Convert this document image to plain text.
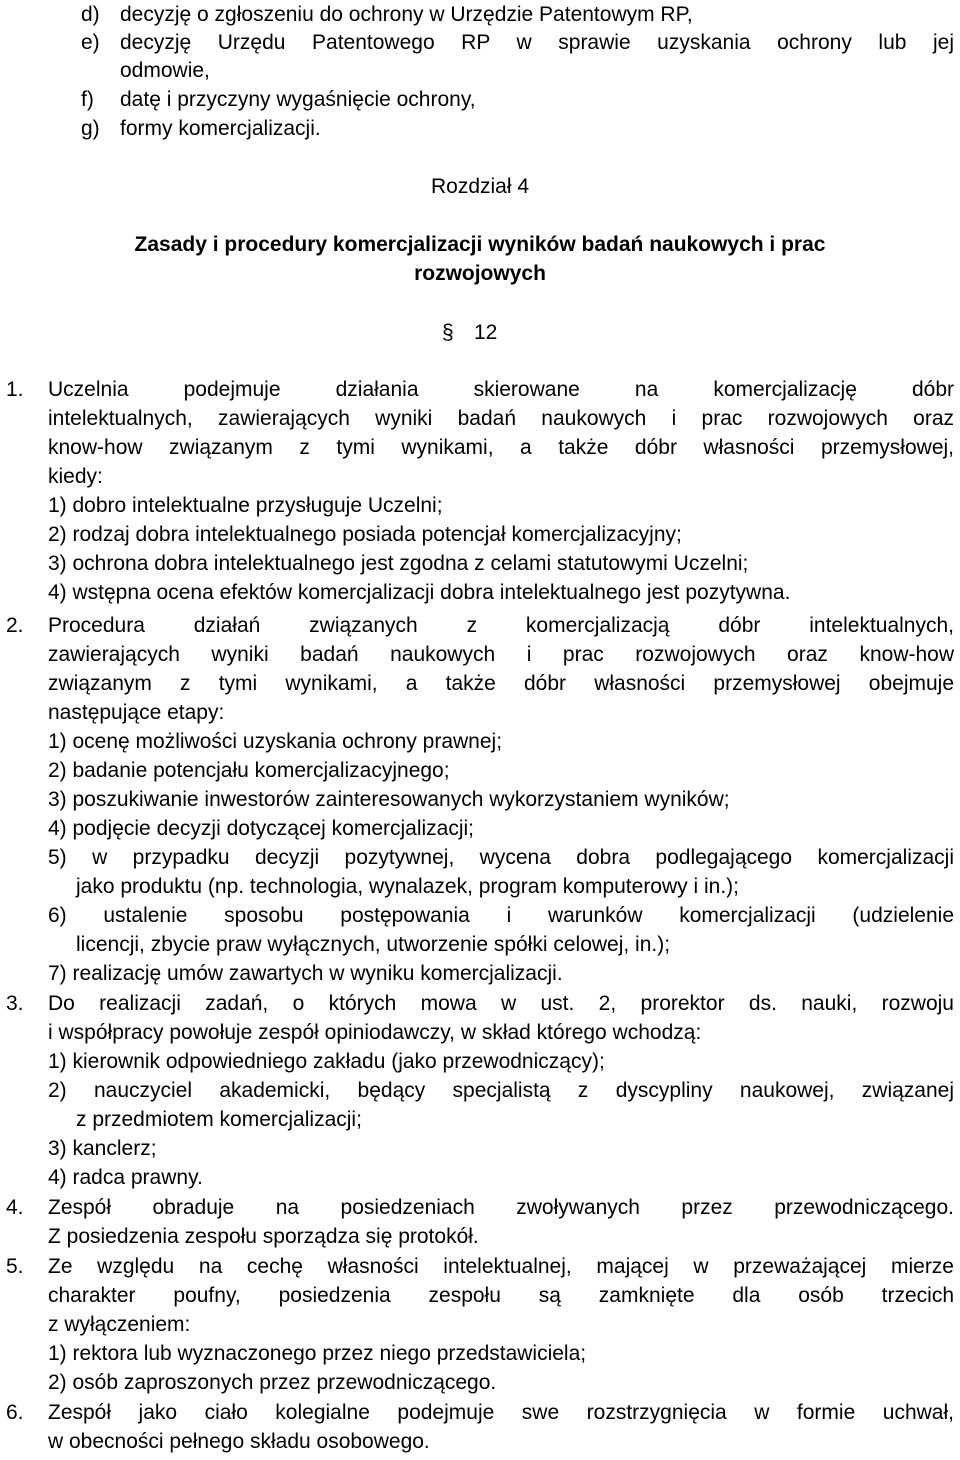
d) decyzję o zgłoszeniu do ochrony w Urzędzie Patentowym RP,
e) decyzję Urzędu Patentowego RP w sprawie uzyskania ochrony lub jej
odmowie,
f) datę i przyczyny wygaśnięcie ochrony,
g) formy komercjalizacji.
Rozdział 4
Zasady i procedury komercjalizacji wyników badań naukowych i prac
rozwojowych
§ 12
1. Uczelnia podejmuje działania skierowane na komercjalizację dóbr
intelektualnych, zawierających wyniki badań naukowych i prac rozwojowych oraz
know-how związanym z tymi wynikami, a także dóbr własności przemysłowej,
kiedy:
1) dobro intelektualne przysługuje Uczelni;
2) rodzaj dobra intelektualnego posiada potencjał komercjalizacyjny;
3) ochrona dobra intelektualnego jest zgodna z celami statutowymi Uczelni;
4) wstępna ocena efektów komercjalizacji dobra intelektualnego jest pozytywna.
2. Procedura działań związanych z komercjalizacją dóbr intelektualnych,
zawierających wyniki badań naukowych i prac rozwojowych oraz know-how
związanym z tymi wynikami, a także dóbr własności przemysłowej obejmuje
następujące etapy:
1) ocenę możliwości uzyskania ochrony prawnej;
2) badanie potencjału komercjalizacyjnego;
3) poszukiwanie inwestorów zainteresowanych wykorzystaniem wyników;
4) podjęcie decyzji dotyczącej komercjalizacji;
5) w przypadku decyzji pozytywnej, wycena dobra podlegającego komercjalizacji
jako produktu (np. technologia, wynalazek, program komputerowy i in.);
6) ustalenie sposobu postępowania i warunków komercjalizacji (udzielenie
licencji, zbycie praw wyłącznych, utworzenie spółki celowej, in.);
7) realizację umów zawartych w wyniku komercjalizacji.
3. Do realizacji zadań, o których mowa w ust. 2, prorektor ds. nauki, rozwoju
i współpracy powołuje zespół opiniodawczy, w skład którego wchodzą:
1) kierownik odpowiedniego zakładu (jako przewodniczący);
2) nauczyciel akademicki, będący specjalistą z dyscypliny naukowej, związanej
z przedmiotem komercjalizacji;
3) kanclerz;
4) radca prawny.
4. Zespół obraduje na posiedzeniach zwoływanych przez przewodniczącego.
Z posiedzenia zespołu sporządza się protokół.
5. Ze względu na cechę własności intelektualnej, mającej w przeważającej mierze
charakter poufny, posiedzenia zespołu są zamknięte dla osób trzecich
z wyłączeniem:
1) rektora lub wyznaczonego przez niego przedstawiciela;
2) osób zaproszonych przez przewodniczącego.
6. Zespół jako ciało kolegialne podejmuje swe rozstrzygnięcia w formie uchwał,
w obecności pełnego składu osobowego.
